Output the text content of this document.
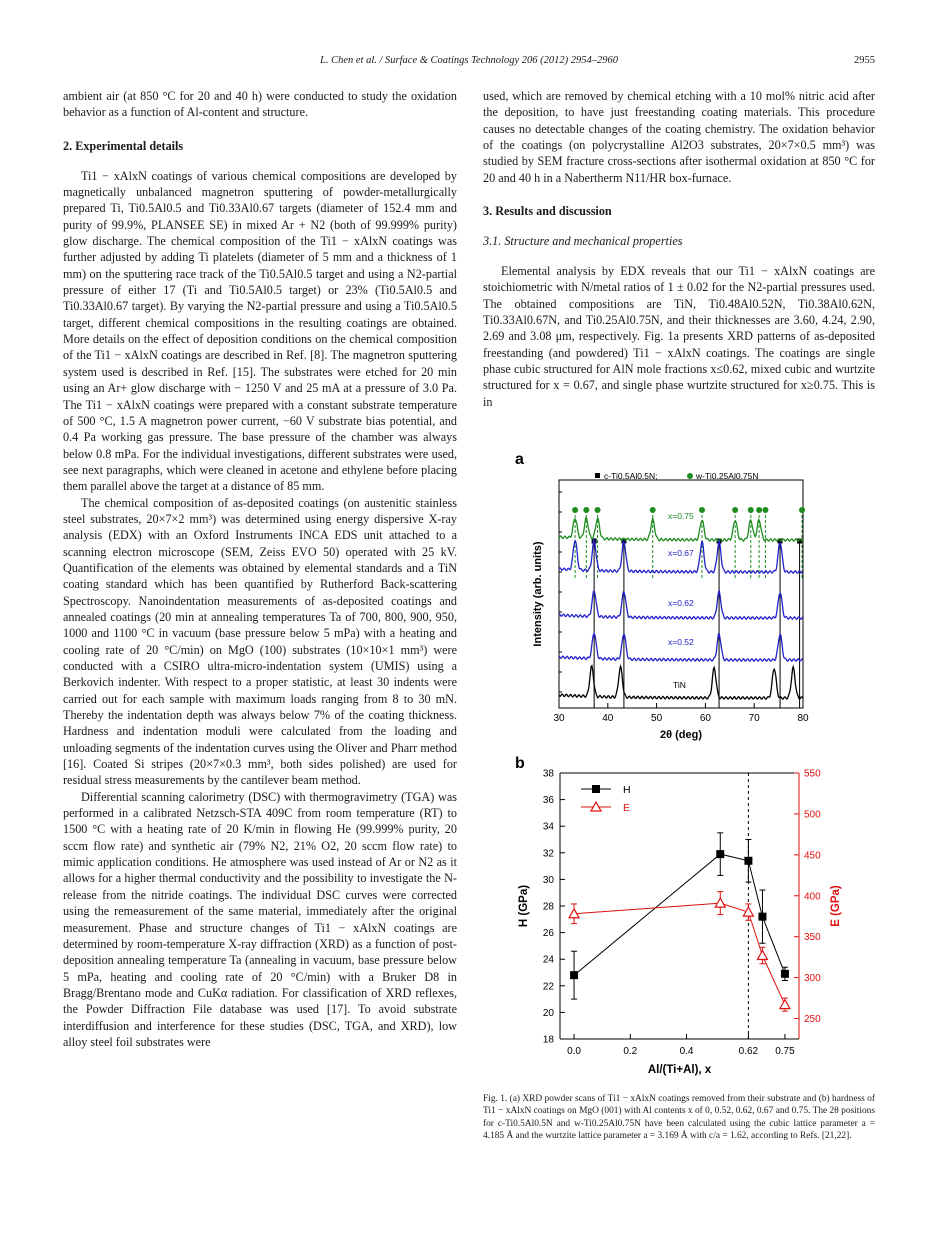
L. Chen et al. / Surface & Coatings Technology 206 (2012) 2954–2960	2955

ambient air (at 850 °C for 20 and 40 h) were conducted to study the oxidation behavior as a function of Al-content and structure.

2. Experimental details

Ti1 − xAlxN coatings of various chemical compositions are developed by magnetically unbalanced magnetron sputtering of powder-metallurgically prepared Ti, Ti0.5Al0.5 and Ti0.33Al0.67 targets (diameter of 152.4 mm and purity of 99.9%, PLANSEE SE) in mixed Ar + N2 (both of 99.999% purity) glow discharge. The chemical composition of the Ti1 − xAlxN coatings was further adjusted by adding Ti platelets (diameter of 5 mm and a thickness of 1 mm) on the sputtering race track of the Ti0.5Al0.5 target and using a N2-partial pressure of either 17 (Ti and Ti0.5Al0.5 target) or 23% (Ti0.5Al0.5 and Ti0.33Al0.67 target). By varying the N2-partial pressure and using a Ti0.5Al0.5 target, different chemical compositions in the resulting coatings are obtained. More details on the effect of deposition conditions on the chemical composition of the Ti1 − xAlxN coatings are described in Ref. [8]. The magnetron sputtering system used is described in Ref. [15]. The substrates were etched for 20 min using an Ar+ glow discharge with − 1250 V and 25 mA at a pressure of 3.0 Pa. The Ti1 − xAlxN coatings were prepared with a constant substrate temperature of 500 °C, 1.5 A magnetron power current, −60 V substrate bias potential, and 0.4 Pa working gas pressure. The base pressure of the chamber was always below 0.8 mPa. For the individual investigations, different substrates were used, see next paragraphs, which were cleaned in acetone and ethylene before placing them parallel above the target at a distance of 85 mm.

The chemical composition of as-deposited coatings (on austenitic stainless steel substrates, 20×7×2 mm³) was determined using energy dispersive X-ray analysis (EDX) with an Oxford Instruments INCA EDS unit attached to a scanning electron microscope (SEM, Zeiss EVO 50) operated with 25 kV. Quantification of the elements was obtained by elemental standards and a TiN coating standard which has been quantified by Rutherford Back-scattering Spectroscopy. Nanoindentation measurements of as-deposited coatings and annealed coatings (20 min at annealing temperatures Ta of 700, 800, 900, 950, 1000 and 1100 °C in vacuum (base pressure below 5 mPa) with a heating and cooling rate of 20 °C/min) on MgO (100) substrates (10×10×1 mm³) were conducted with a CSIRO ultra-micro-indentation system (UMIS) using a Berkovich indenter. With respect to a proper statistic, at least 30 indents were carried out for each sample with maximum loads ranging from 8 to 30 mN. Thereby the indentation depth was always below 7% of the coating thickness. Hardness and indentation moduli were calculated from the loading and unloading segments of the indentation curves using the Oliver and Pharr method [16]. Coated Si stripes (20×7×0.3 mm³, both sides polished) are used for residual stress measurements by the cantilever beam method.

Differential scanning calorimetry (DSC) with thermogravimetry (TGA) was performed in a calibrated Netzsch-STA 409C from room temperature (RT) to 1500 °C with a heating rate of 20 K/min in flowing He (99.999% purity, 20 sccm flow rate) and synthetic air (79% N2, 21% O2, 20 sccm flow rate) to mimic application conditions. He atmosphere was used instead of Ar or N2 as it allows for a higher thermal conductivity and the possibility to investigate the N-release from the nitride coatings. The individual DSC curves were corrected using the remeasurement of the same material, immediately after the original measurement. Phase and structure changes of Ti1 − xAlxN coatings are determined by room-temperature X-ray diffraction (XRD) as a function of post-deposition annealing temperature Ta (annealing in vacuum, base pressure below 5 mPa, heating and cooling rate of 20 °C/min) with a Bruker D8 in Bragg/Brentano mode and CuKα radiation. For classification of XRD reflexes, the Powder Diffraction File database was used [17]. To avoid substrate interdiffusion and interference for these studies (DSC, TGA, and XRD), low alloy steel foil substrates were

used, which are removed by chemical etching with a 10 mol% nitric acid after the deposition, to have just freestanding coating materials. This procedure causes no detectable changes of the coating chemistry. The oxidation behavior of the coatings (on polycrystalline Al2O3 substrates, 20×7×0.5 mm³) was studied by SEM fracture cross-sections after isothermal oxidation at 850 °C for 20 and 40 h in a Nabertherm N11/HR box-furnace.

3. Results and discussion
3.1. Structure and mechanical properties

Elemental analysis by EDX reveals that our Ti1 − xAlxN coatings are stoichiometric with N/metal ratios of 1 ± 0.02 for the N2-partial pressures used. The obtained compositions are TiN, Ti0.48Al0.52N, Ti0.38Al0.62N, Ti0.33Al0.67N, and Ti0.25Al0.75N, and their thicknesses are 3.60, 4.24, 2.90, 2.69 and 3.08 μm, respectively. Fig. 1a presents XRD patterns of as-deposited freestanding (and powdered) Ti1 − xAlxN coatings. The coatings are single phase cubic structured for AlN mole fractions x≤0.62, mixed cubic and wurtzite structured for x = 0.67, and single phase wurtzite structured for x≥0.75. This is in

a
30	40	50	60	70	80
2θ (deg)
Intensity (arb. units)
c-Ti0.5Al0.5N;	w-Ti0.25Al0.75N
x=0.75
x=0.67
x=0.62
x=0.52
TiN
b
18
20
22
24
26
28
30
32
34
36
38
250
300
350
400
450
500
550
0.0	0.2	0.4	0.62 0.75
Al/(Ti+Al), x
H (GPa)	E (GPa)
H
E
Fig. 1. (a) XRD powder scans of Ti1 − xAlxN coatings removed from their substrate and (b) hardness of Ti1 − xAlxN coatings on MgO (001) with Al contents x of 0, 0.52, 0.62, 0.67 and 0.75. The 2θ positions for c-Ti0.5Al0.5N and w-Ti0.25Al0.75N have been calculated using the cubic lattice parameter a = 4.185 Å and the wurtzite lattice parameter a = 3.169 Å with c/a = 1.62, according to Refs. [21,22].
